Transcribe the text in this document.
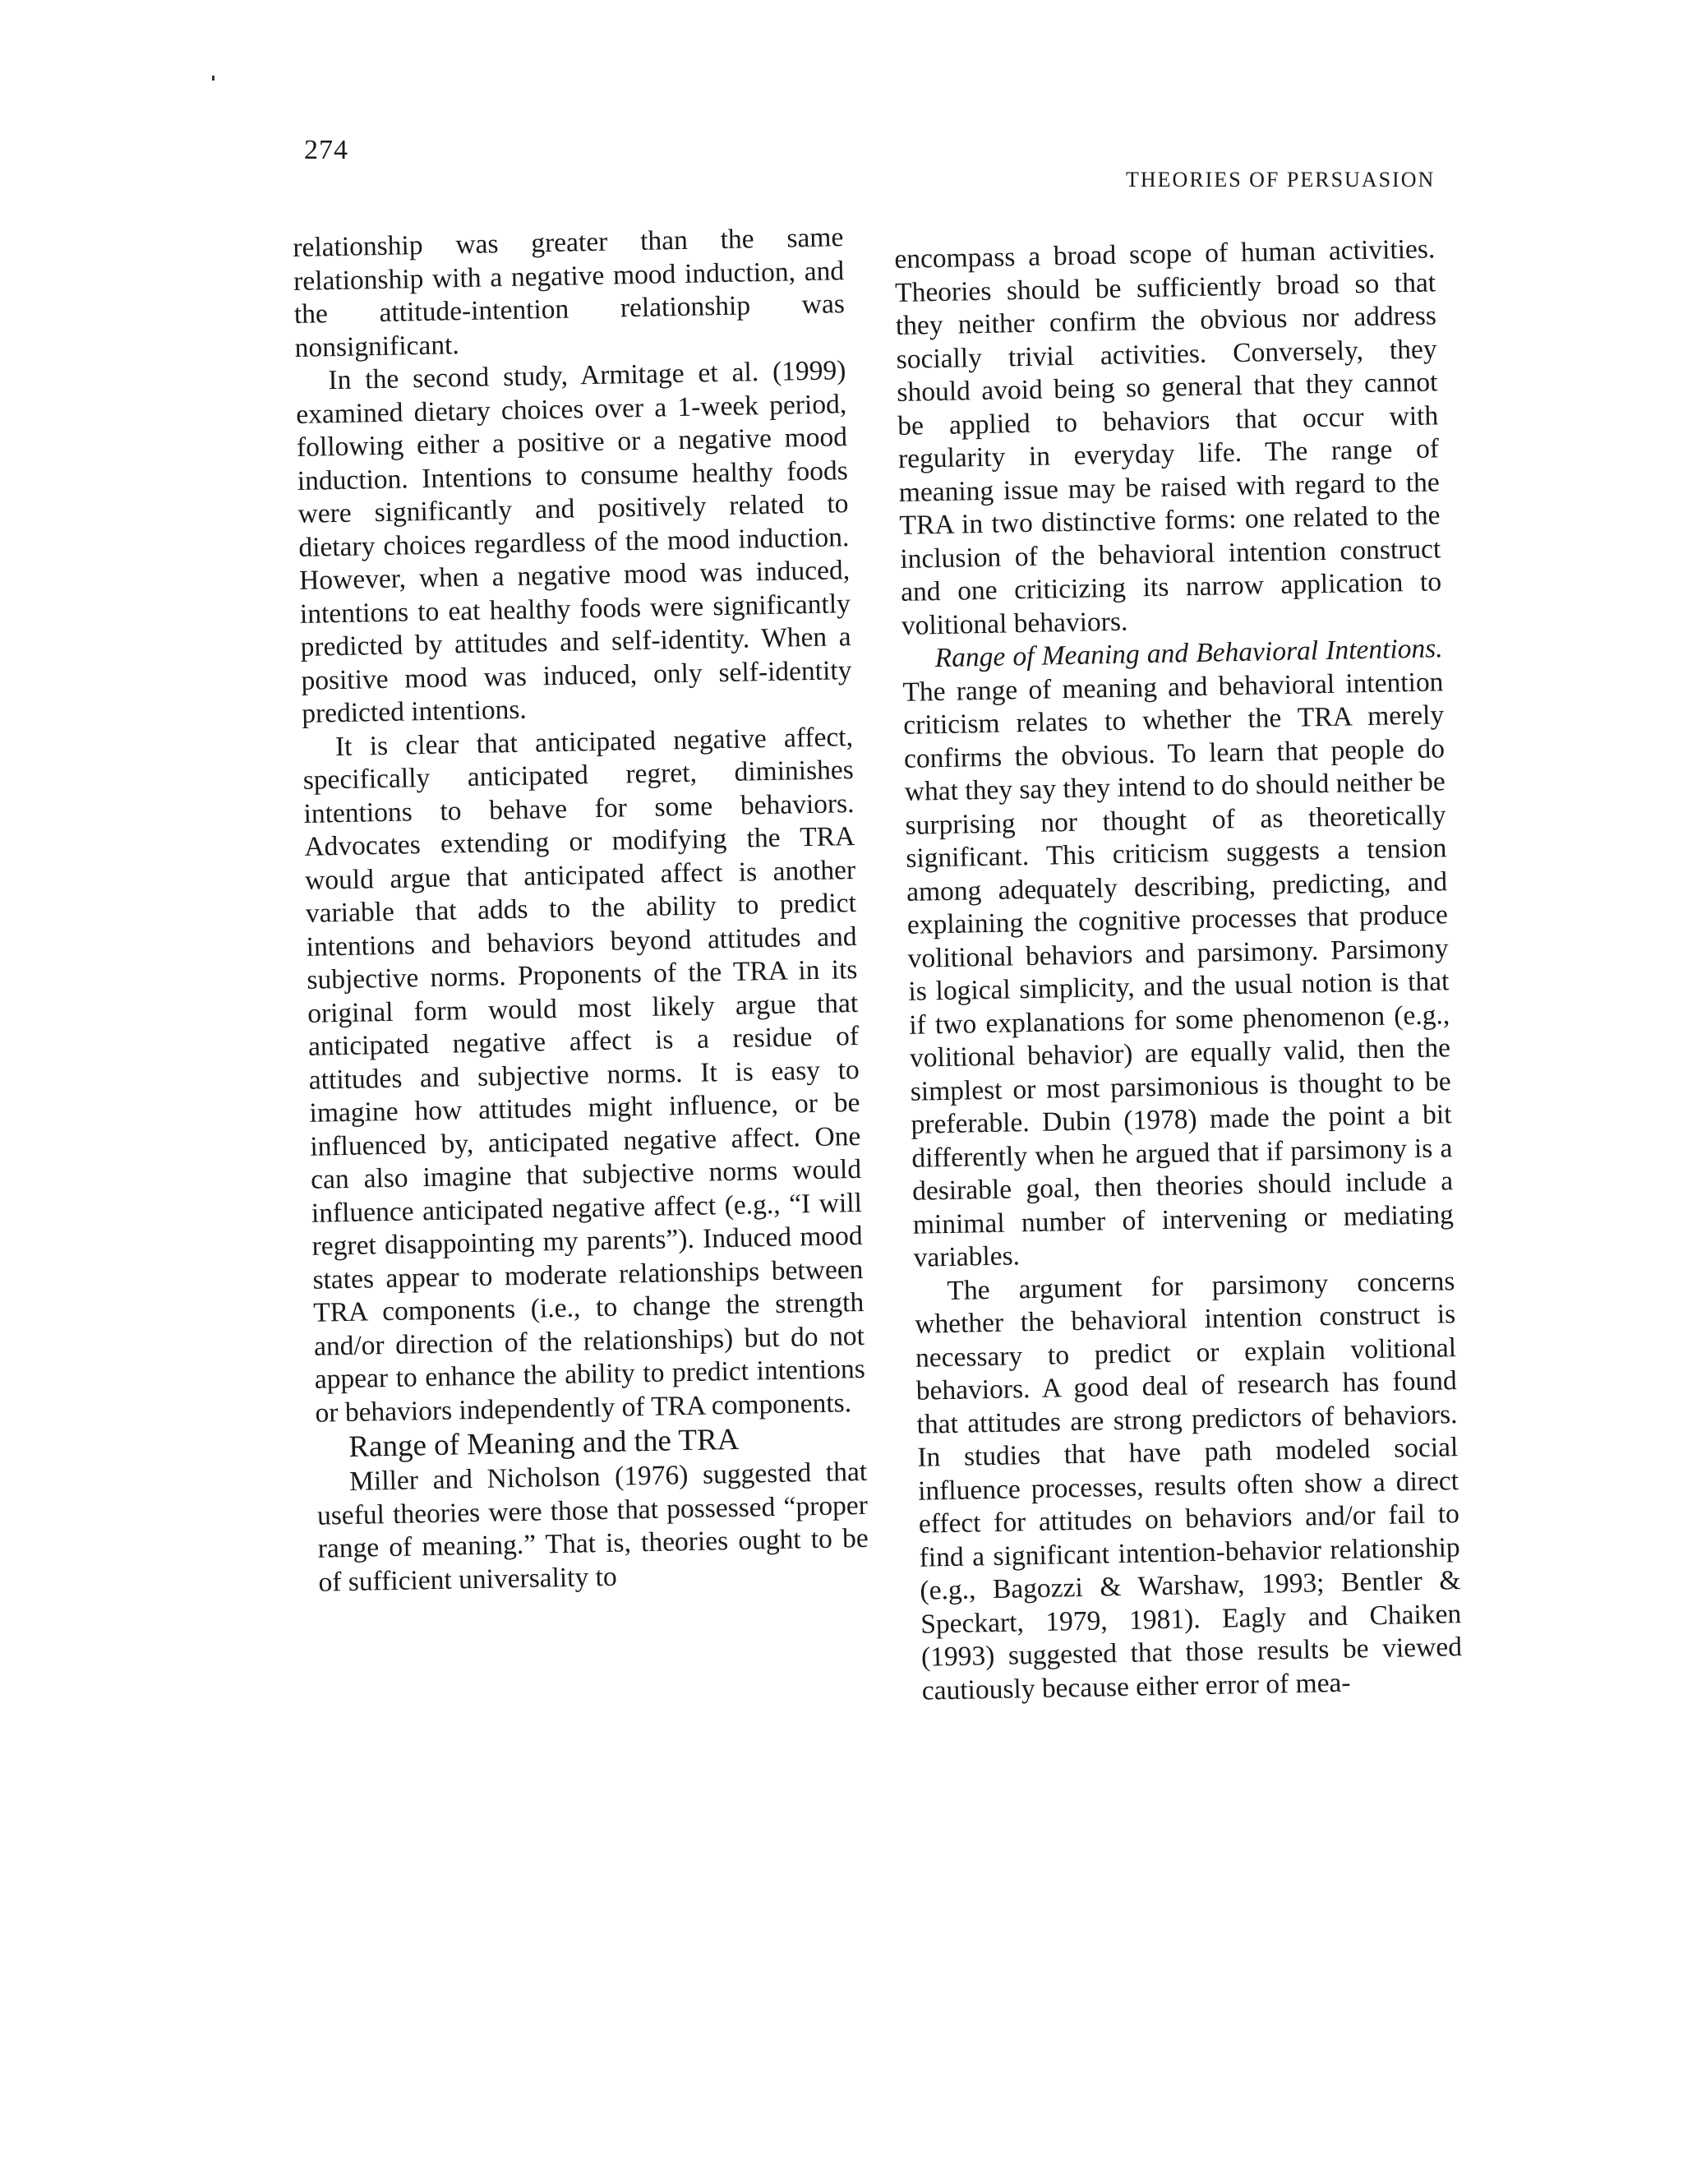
274
THEORIES OF PERSUASION

relationship was greater than the same relationship with a negative mood induction, and the attitude-intention relationship was nonsignificant.

In the second study, Armitage et al. (1999) examined dietary choices over a 1-week period, following either a positive or a negative mood induction. Intentions to consume healthy foods were significantly and positively related to dietary choices regardless of the mood induction. However, when a negative mood was induced, intentions to eat healthy foods were significantly predicted by attitudes and self-identity. When a positive mood was induced, only self-identity predicted intentions.

It is clear that anticipated negative affect, specifically anticipated regret, diminishes intentions to behave for some behaviors. Advocates extending or modifying the TRA would argue that anticipated affect is another variable that adds to the ability to predict intentions and behaviors beyond attitudes and subjective norms. Proponents of the TRA in its original form would most likely argue that anticipated negative affect is a residue of attitudes and subjective norms. It is easy to imagine how attitudes might influence, or be influenced by, anticipated negative affect. One can also imagine that subjective norms would influence anticipated negative affect (e.g., “I will regret disappointing my parents”). Induced mood states appear to moderate relationships between TRA components (i.e., to change the strength and/or direction of the relationships) but do not appear to enhance the ability to predict intentions or behaviors independently of TRA components.

Range of Meaning and the TRA

Miller and Nicholson (1976) suggested that useful theories were those that possessed “proper range of meaning.” That is, theories ought to be of sufficient universality to

encompass a broad scope of human activities. Theories should be sufficiently broad so that they neither confirm the obvious nor address socially trivial activities. Conversely, they should avoid being so general that they cannot be applied to behaviors that occur with regularity in everyday life. The range of meaning issue may be raised with regard to the TRA in two distinctive forms: one related to the inclusion of the behavioral intention construct and one criticizing its narrow application to volitional behaviors.

Range of Meaning and Behavioral Intentions. The range of meaning and behavioral intention criticism relates to whether the TRA merely confirms the obvious. To learn that people do what they say they intend to do should neither be surprising nor thought of as theoretically significant. This criticism suggests a tension among adequately describing, predicting, and explaining the cognitive processes that produce volitional behaviors and parsimony. Parsimony is logical simplicity, and the usual notion is that if two explanations for some phenomenon (e.g., volitional behavior) are equally valid, then the simplest or most parsimonious is thought to be preferable. Dubin (1978) made the point a bit differently when he argued that if parsimony is a desirable goal, then theories should include a minimal number of intervening or mediating variables.

The argument for parsimony concerns whether the behavioral intention construct is necessary to predict or explain volitional behaviors. A good deal of research has found that attitudes are strong predictors of behaviors. In studies that have path modeled social influence processes, results often show a direct effect for attitudes on behaviors and/or fail to find a significant intention-behavior relationship (e.g., Bagozzi & Warshaw, 1993; Bentler & Speckart, 1979, 1981). Eagly and Chaiken (1993) suggested that those results be viewed cautiously because either error of mea-
